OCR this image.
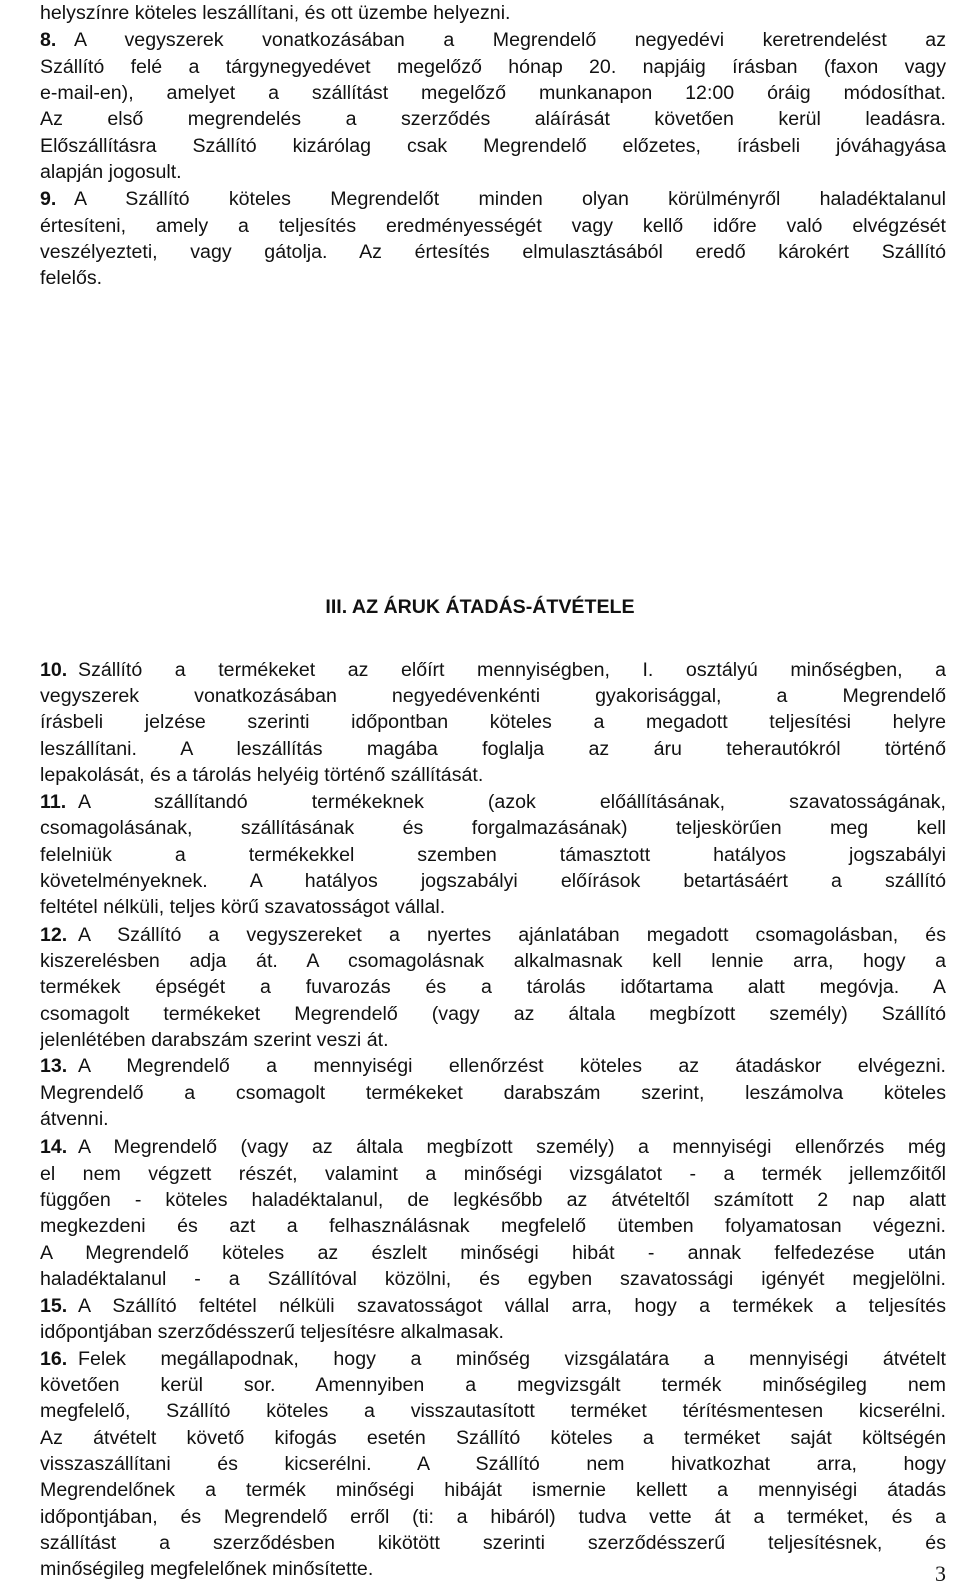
helyszínre köteles leszállítani, és ott üzembe helyezni.
8. A vegyszerek vonatkozásában a Megrendelő negyedévi keretrendelést az
Szállító felé a tárgynegyedévet megelőző hónap 20. napjáig írásban (faxon vagy
e-mail-en), amelyet a szállítást megelőző munkanapon 12:00 óráig módosíthat.
Az első megrendelés a szerződés aláírását követően kerül leadásra.
Előszállításra Szállító kizárólag csak Megrendelő előzetes, írásbeli jóváhagyása
alapján jogosult.
9. A Szállító köteles Megrendelőt minden olyan körülményről haladéktalanul
értesíteni, amely a teljesítés eredményességét vagy kellő időre való elvégzését
veszélyezteti, vagy gátolja. Az értesítés elmulasztásából eredő károkért Szállító
felelős.
10. Szállító a termékeket az előírt mennyiségben, I. osztályú minőségben, a
vegyszerek vonatkozásában negyedévenkénti gyakorisággal, a Megrendelő
írásbeli jelzése szerinti időpontban köteles a megadott teljesítési helyre
leszállítani. A leszállítás magába foglalja az áru teherautókról történő
lepakolását, és a tárolás helyéig történő szállítását.
11. A szállítandó termékeknek (azok előállításának, szavatosságának,
csomagolásának, szállításának és forgalmazásának) teljeskörűen meg kell
felelniük a termékekkel szemben támasztott hatályos jogszabályi
követelményeknek. A hatályos jogszabályi előírások betartásáért a szállító
feltétel nélküli, teljes körű szavatosságot vállal.
12. A Szállító a vegyszereket a nyertes ajánlatában megadott csomagolásban, és
kiszerelésben adja át. A csomagolásnak alkalmasnak kell lennie arra, hogy a
termékek épségét a fuvarozás és a tárolás időtartama alatt megóvja. A
csomagolt termékeket Megrendelő (vagy az általa megbízott személy) Szállító
jelenlétében darabszám szerint veszi át.
13. A Megrendelő a mennyiségi ellenőrzést köteles az átadáskor elvégezni.
Megrendelő a csomagolt termékeket darabszám szerint, leszámolva köteles
átvenni.
14. A Megrendelő (vagy az általa megbízott személy) a mennyiségi ellenőrzés még
el nem végzett részét, valamint a minőségi vizsgálatot - a termék jellemzőitől
függően - köteles haladéktalanul, de legkésőbb az átvételtől számított 2 nap alatt
megkezdeni és azt a felhasználásnak megfelelő ütemben folyamatosan végezni.
A Megrendelő köteles az észlelt minőségi hibát - annak felfedezése után
haladéktalanul - a Szállítóval közölni, és egyben szavatossági igényét megjelölni.
15. A Szállító feltétel nélküli szavatosságot vállal arra, hogy a termékek a teljesítés
időpontjában szerződésszerű teljesítésre alkalmasak.
16. Felek megállapodnak, hogy a minőség vizsgálatára a mennyiségi átvételt
követően kerül sor. Amennyiben a megvizsgált termék minőségileg nem
megfelelő, Szállító köteles a visszautasított terméket térítésmentesen kicserélni.
Az átvételt követő kifogás esetén Szállító köteles a terméket saját költségén
visszaszállítani és kicserélni. A Szállító nem hivatkozhat arra, hogy
Megrendelőnek a termék minőségi hibáját ismernie kellett a mennyiségi átadás
időpontjában, és Megrendelő erről (ti: a hibáról) tudva vette át a terméket, és a
szállítást a szerződésben kikötött szerinti szerződésszerű teljesítésnek, és
minőségileg megfelelőnek minősítette.
III. AZ ÁRUK ÁTADÁS-ÁTVÉTELE
3
